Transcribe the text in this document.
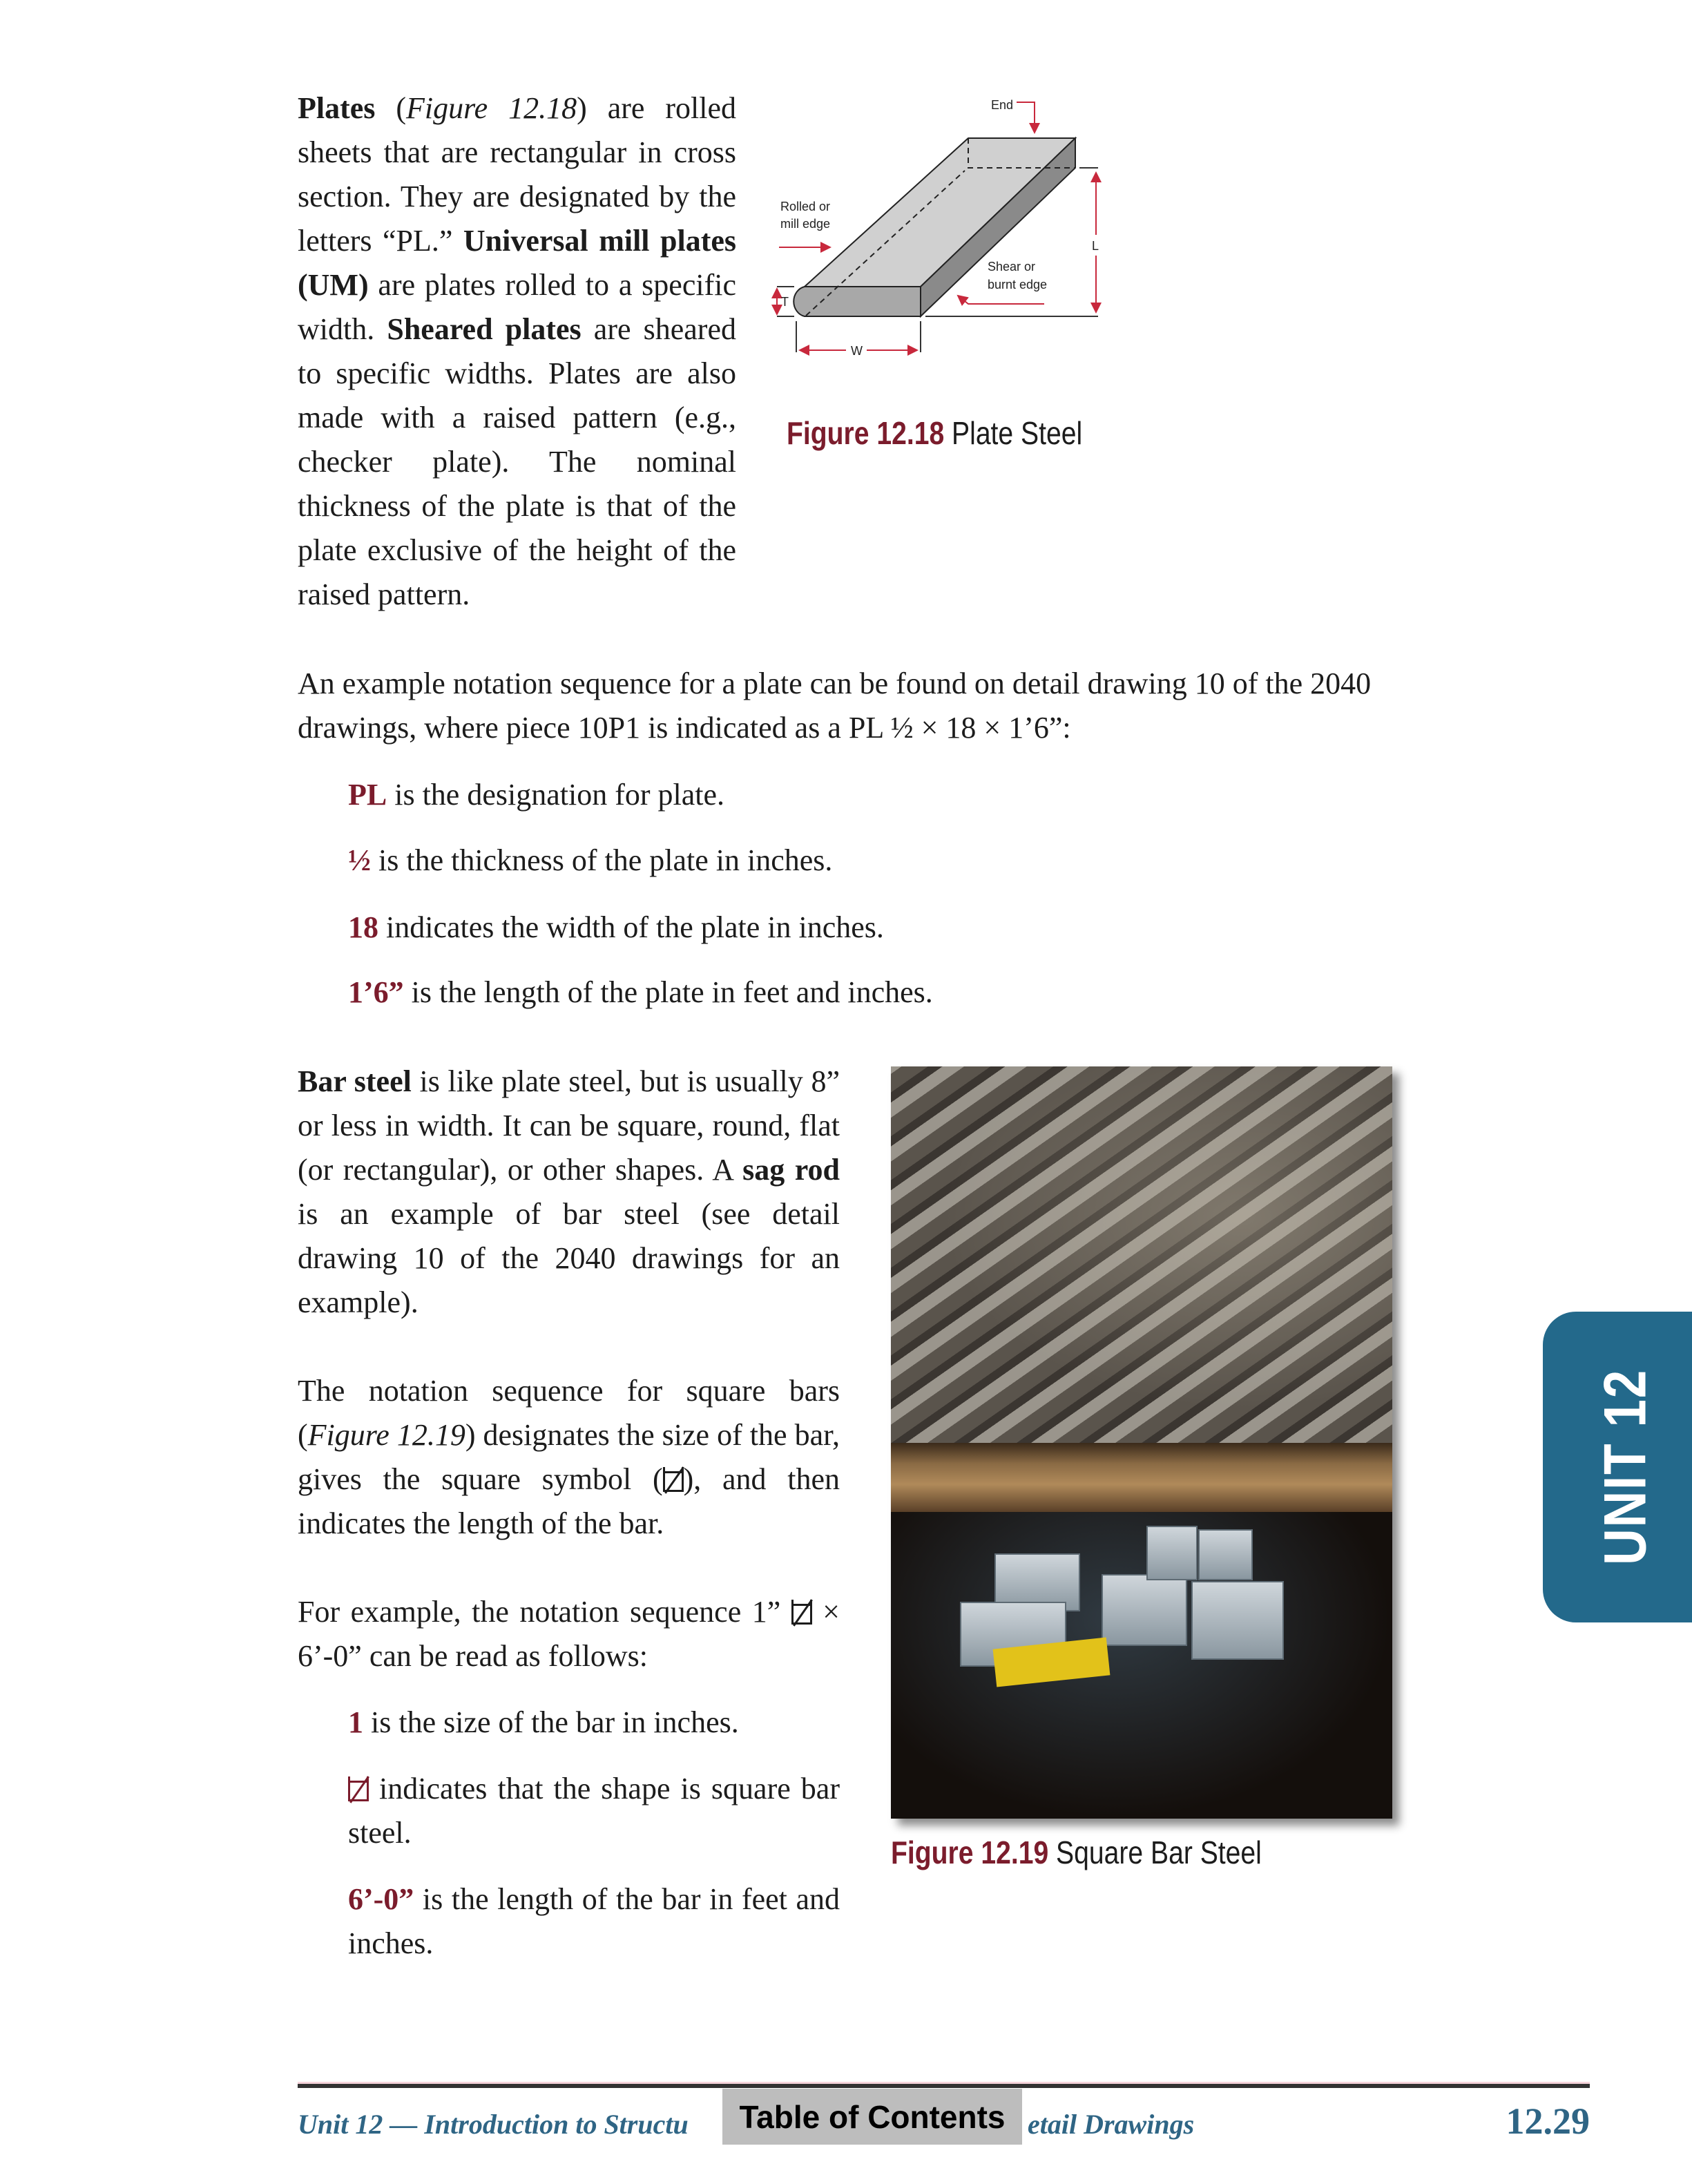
Plates (Figure 12.18) are rolled sheets that are rectangular in cross section. They are designated by the letters “PL.” Universal mill plates (UM) are plates rolled to a specific width. Sheared plates are sheared to specific widths. Plates are also made with a raised pattern (e.g., checker plate). The nominal thickness of the plate is that of the plate exclusive of the height of the raised pattern.
End
Rolled or
mill edge
Shear or
burnt edge
L
T
W
Figure 12.18 Plate Steel
An example notation sequence for a plate can be found on detail drawing 10 of the 2040 drawings, where piece 10P1 is indicated as a PL ½ × 18 × 1’6”:
PL is the designation for plate.
½ is the thickness of the plate in inches.
18 indicates the width of the plate in inches.
1’6” is the length of the plate in feet and inches.
Bar steel is like plate steel, but is usually 8” or less in width. It can be square, round, flat (or rectangular), or other shapes. A sag rod is an example of bar steel (see detail drawing 10 of the 2040 drawings for an example).
The notation sequence for square bars (Figure 12.19) designates the size of the bar, gives the square symbol ( ), and then indicates the length of the bar.
For example, the notation sequence 1”  × 6’-0” can be read as follows:
1 is the size of the bar in inches.
indicates that the shape is square bar steel.
6’-0” is the length of the bar in feet and inches.
Figure 12.19 Square Bar Steel
UNIT 12
Unit 12 — Introduction to Structu	Table of Contents etail Drawings	12.29
